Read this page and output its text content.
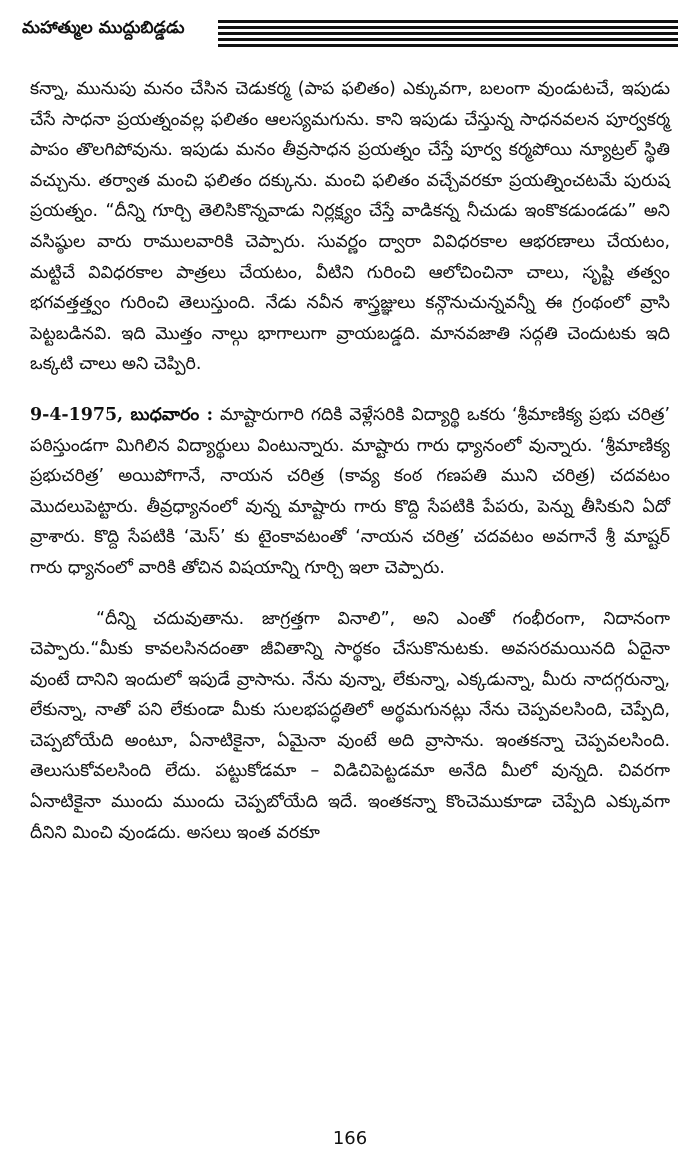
మహాత్ముల ముద్దుబిడ్డడు

కన్నా, మునుపు మనం చేసిన చెడుకర్మ (పాప ఫలితం) ఎక్కువగా, బలంగా వుండుటచే, ఇపుడు చేసే సాధనా ప్రయత్నంవల్ల ఫలితం ఆలస్యమగును. కాని ఇపుడు చేస్తున్న సాధనవలన పూర్వకర్మ పాపం తొలగిపోవును. ఇపుడు మనం తీవ్రసాధన ప్రయత్నం చేస్తే పూర్వ కర్మపోయి న్యూట్రల్ స్థితి వచ్చును. తర్వాత మంచి ఫలితం దక్కును. మంచి ఫలితం వచ్చేవరకూ ప్రయత్నించటమే పురుష ప్రయత్నం. “దీన్ని గూర్చి తెలిసికొన్నవాడు నిర్లక్ష్యం చేస్తే వాడికన్న నీచుడు ఇంకొకడుండడు” అని వసిష్ఠుల వారు రాములవారికి చెప్పారు. సువర్ణం ద్వారా వివిధరకాల ఆభరణాలు చేయటం, మట్టిచే వివిధరకాల పాత్రలు చేయటం, వీటిని గురించి ఆలోచించినా చాలు, సృష్టి తత్వం భగవత్తత్త్వం గురించి తెలుస్తుంది. నేడు నవీన శాస్త్రజ్ఞులు కన్గొనుచున్నవన్నీ ఈ గ్రంథంలో వ్రాసి పెట్టబడినవి. ఇది మొత్తం నాల్గు భాగాలుగా వ్రాయబడ్డది. మానవజాతి సద్గతి చెందుటకు ఇది ఒక్కటి చాలు అని చెప్పిరి.

9-4-1975, బుధవారం : మాష్టారుగారి గదికి వెళ్లేసరికి విద్యార్థి ఒకరు ‘శ్రీమాణిక్య ప్రభు చరిత్ర’ పఠిస్తుండగా మిగిలిన విద్యార్థులు వింటున్నారు. మాష్టారు గారు ధ్యానంలో వున్నారు. ‘శ్రీమాణిక్య ప్రభుచరిత్ర’ అయిపోగానే, నాయన చరిత్ర (కావ్య కంఠ గణపతి ముని చరిత్ర) చదవటం మొదలుపెట్టారు. తీవ్రధ్యానంలో వున్న మాష్టారు గారు కొద్ది సేపటికి పేపరు, పెన్ను తీసికుని ఏదో వ్రాశారు. కొద్ది సేపటికి ‘మెస్’ కు టైంకావటంతో ‘నాయన చరిత్ర’ చదవటం అవగానే శ్రీ మాష్టర్ గారు ధ్యానంలో వారికి తోచిన విషయాన్ని గూర్చి ఇలా చెప్పారు.

“దీన్ని చదువుతాను. జాగ్రత్తగా వినాలి”, అని ఎంతో గంభీరంగా, నిదానంగా చెప్పారు.“మీకు కావలసినదంతా జీవితాన్ని సార్థకం చేసుకొనుటకు. అవసరమయినది ఏదైనా వుంటే దానిని ఇందులో ఇపుడే వ్రాసాను. నేను వున్నా, లేకున్నా, ఎక్కడున్నా, మీరు నాదగ్గరున్నా, లేకున్నా, నాతో పని లేకుండా మీకు సులభపద్ధతిలో అర్థమగునట్లు నేను చెప్పవలసింది, చెప్పేది, చెప్పబోయేది అంటూ, ఏనాటికైనా, ఏమైనా వుంటే అది వ్రాసాను. ఇంతకన్నా చెప్పవలసింది. తెలుసుకోవలసింది లేదు. పట్టుకోడమా – విడిచిపెట్టడమా అనేది మీలో వున్నది. చివరగా ఏనాటికైనా ముందు ముందు చెప్పబోయేది ఇదే. ఇంతకన్నా కొంచెముకూడా చెప్పేది ఎక్కువగా దీనిని మించి వుండదు. అసలు ఇంత వరకూ

166
